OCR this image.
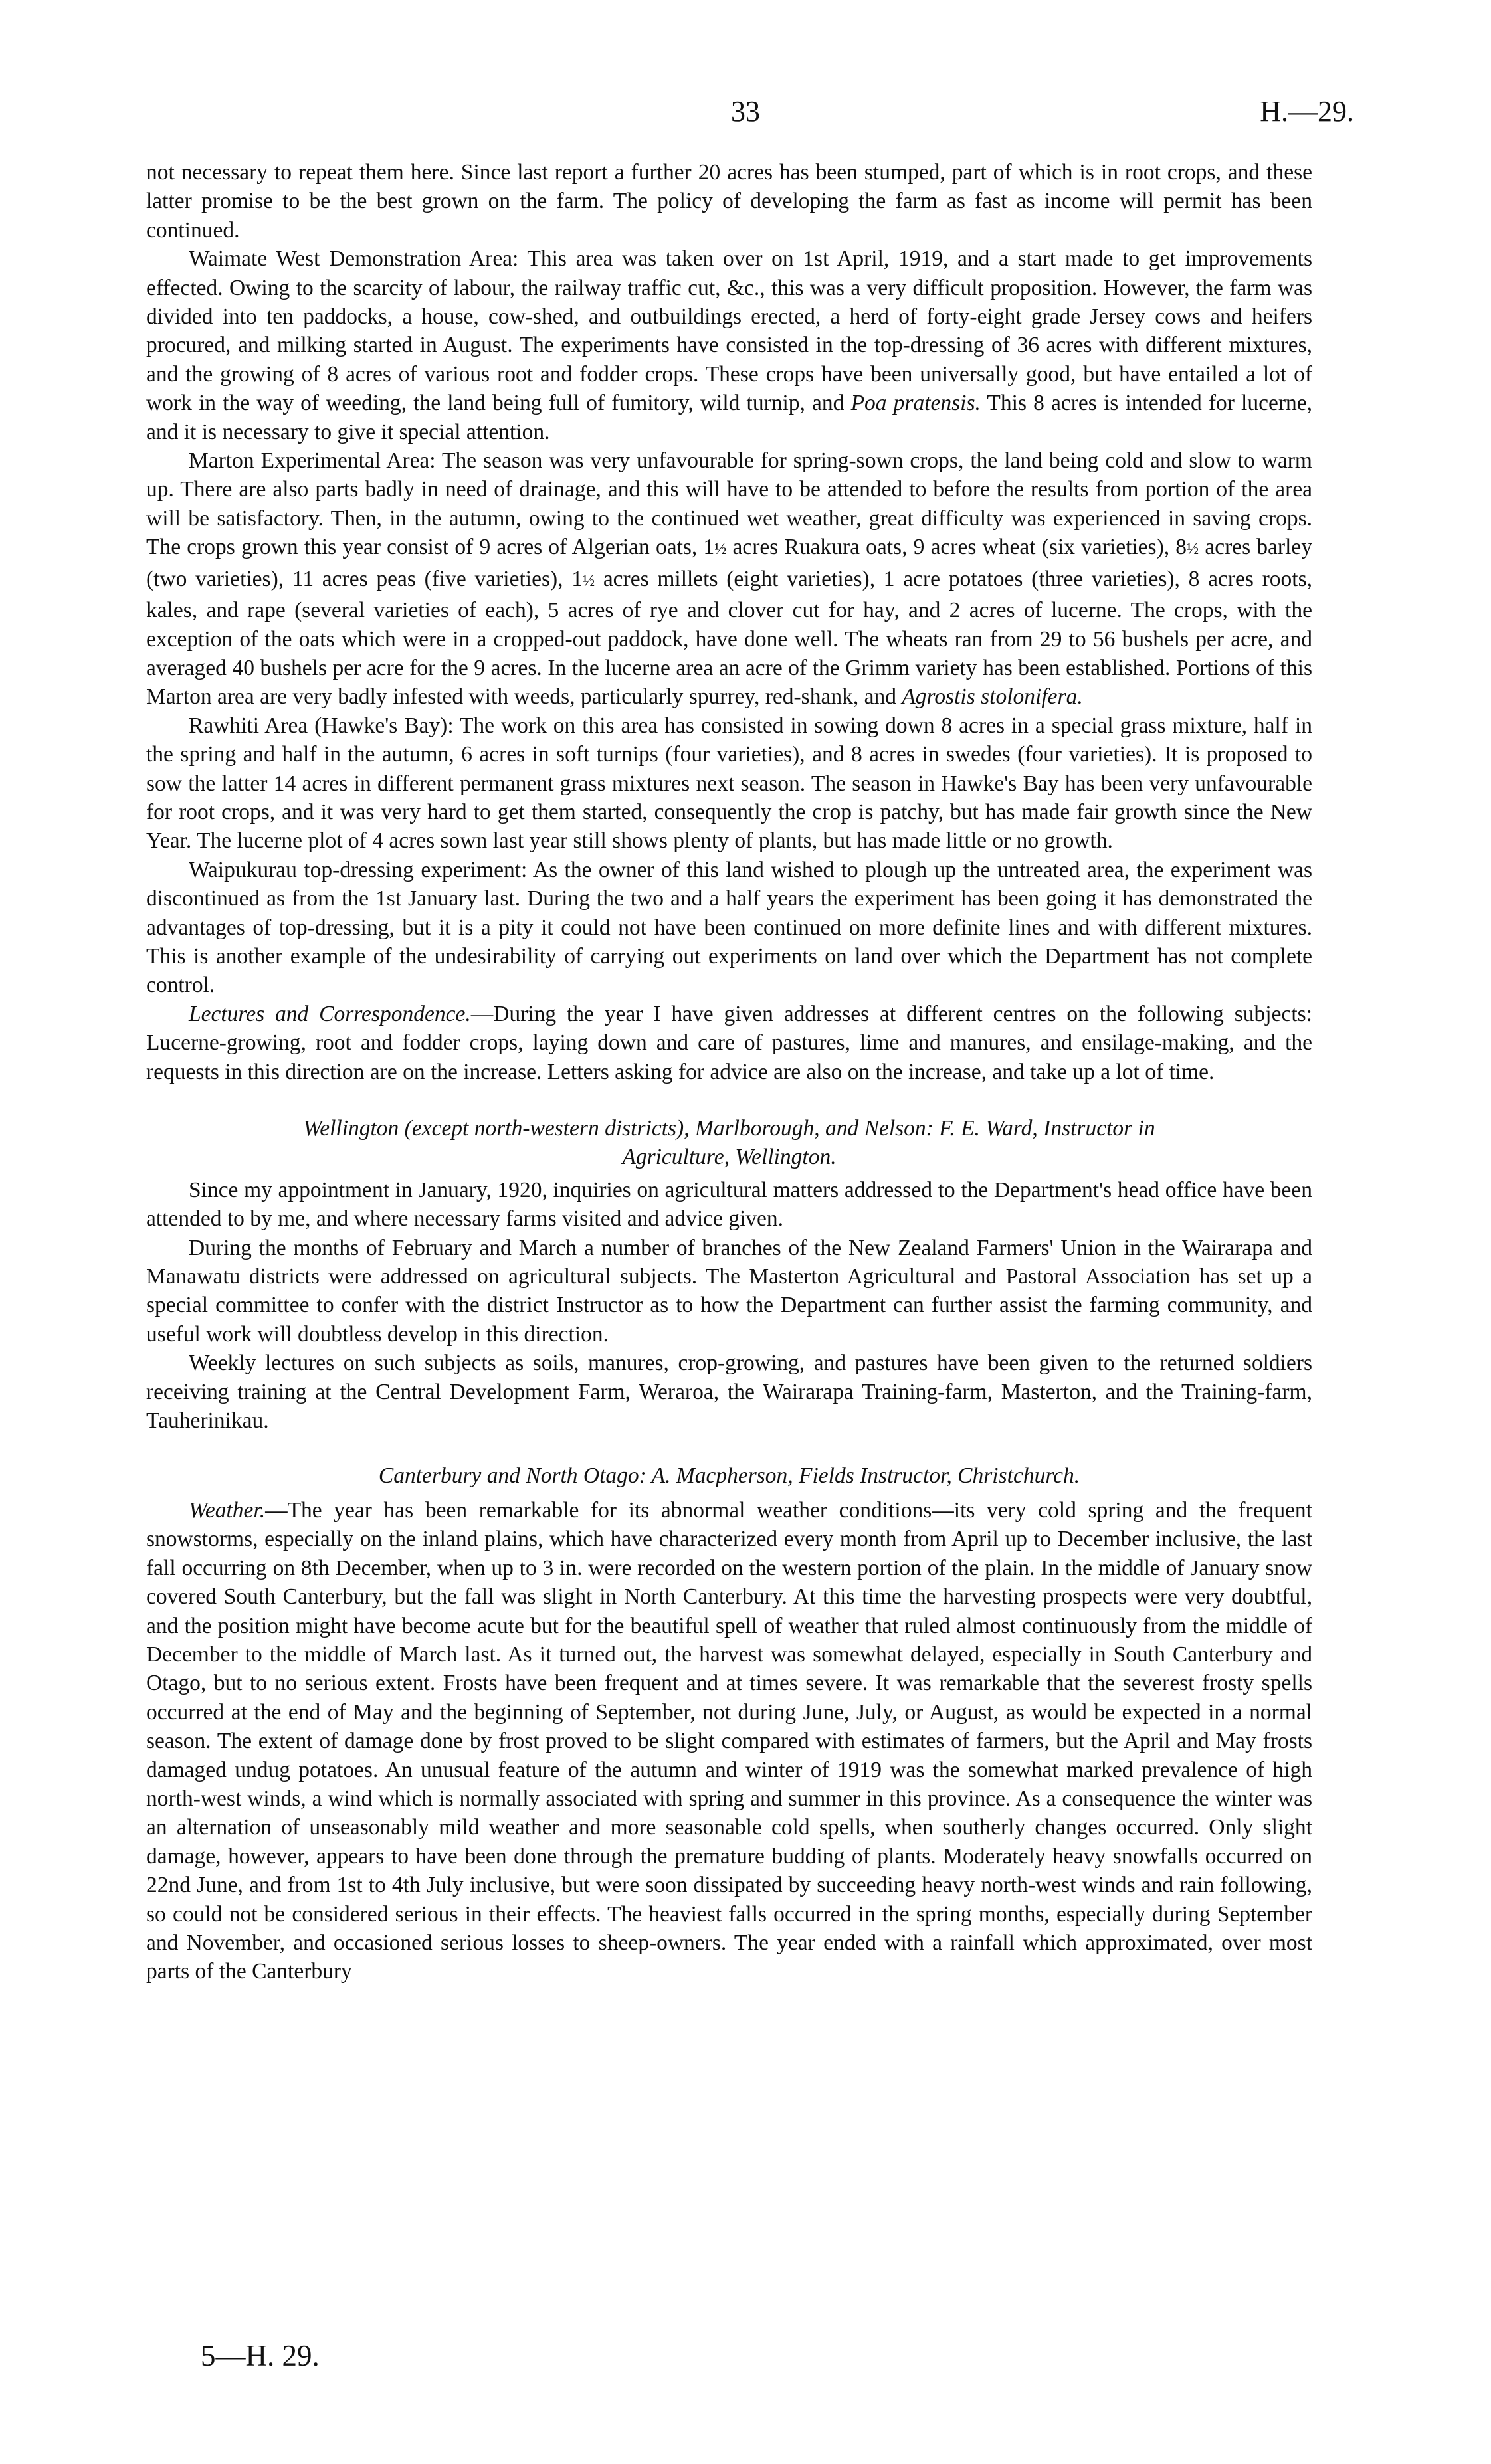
33	H.—29.

not necessary to repeat them here. Since last report a further 20 acres has been stumped, part of which is in root crops, and these latter promise to be the best grown on the farm. The policy of developing the farm as fast as income will permit has been continued.

Waimate West Demonstration Area: This area was taken over on 1st April, 1919, and a start made to get improvements effected. Owing to the scarcity of labour, the railway traffic cut, &c., this was a very difficult proposition. However, the farm was divided into ten paddocks, a house, cow-shed, and outbuildings erected, a herd of forty-eight grade Jersey cows and heifers procured, and milking started in August. The experiments have consisted in the top-dressing of 36 acres with different mixtures, and the growing of 8 acres of various root and fodder crops. These crops have been universally good, but have entailed a lot of work in the way of weeding, the land being full of fumitory, wild turnip, and Poa pratensis. This 8 acres is intended for lucerne, and it is necessary to give it special attention.

Marton Experimental Area: The season was very unfavourable for spring-sown crops, the land being cold and slow to warm up. There are also parts badly in need of drainage, and this will have to be attended to before the results from portion of the area will be satisfactory. Then, in the autumn, owing to the continued wet weather, great difficulty was experienced in saving crops. The crops grown this year consist of 9 acres of Algerian oats, 1½ acres Ruakura oats, 9 acres wheat (six varieties), 8½ acres barley (two varieties), 11 acres peas (five varieties), 1½ acres millets (eight varieties), 1 acre potatoes (three varieties), 8 acres roots, kales, and rape (several varieties of each), 5 acres of rye and clover cut for hay, and 2 acres of lucerne. The crops, with the exception of the oats which were in a cropped-out paddock, have done well. The wheats ran from 29 to 56 bushels per acre, and averaged 40 bushels per acre for the 9 acres. In the lucerne area an acre of the Grimm variety has been established. Portions of this Marton area are very badly infested with weeds, particularly spurrey, red-shank, and Agrostis stolonifera.

Rawhiti Area (Hawke's Bay): The work on this area has consisted in sowing down 8 acres in a special grass mixture, half in the spring and half in the autumn, 6 acres in soft turnips (four varieties), and 8 acres in swedes (four varieties). It is proposed to sow the latter 14 acres in different permanent grass mixtures next season. The season in Hawke's Bay has been very unfavourable for root crops, and it was very hard to get them started, consequently the crop is patchy, but has made fair growth since the New Year. The lucerne plot of 4 acres sown last year still shows plenty of plants, but has made little or no growth.

Waipukurau top-dressing experiment: As the owner of this land wished to plough up the untreated area, the experiment was discontinued as from the 1st January last. During the two and a half years the experiment has been going it has demonstrated the advantages of top-dressing, but it is a pity it could not have been continued on more definite lines and with different mixtures. This is another example of the undesirability of carrying out experiments on land over which the Department has not complete control.

Lectures and Correspondence.—During the year I have given addresses at different centres on the following subjects: Lucerne-growing, root and fodder crops, laying down and care of pastures, lime and manures, and ensilage-making, and the requests in this direction are on the increase. Letters asking for advice are also on the increase, and take up a lot of time.

Wellington (except north-western districts), Marlborough, and Nelson: F. E. Ward, Instructor in
Agriculture, Wellington.

Since my appointment in January, 1920, inquiries on agricultural matters addressed to the Department's head office have been attended to by me, and where necessary farms visited and advice given.

During the months of February and March a number of branches of the New Zealand Farmers' Union in the Wairarapa and Manawatu districts were addressed on agricultural subjects. The Masterton Agricultural and Pastoral Association has set up a special committee to confer with the district Instructor as to how the Department can further assist the farming community, and useful work will doubtless develop in this direction.

Weekly lectures on such subjects as soils, manures, crop-growing, and pastures have been given to the returned soldiers receiving training at the Central Development Farm, Weraroa, the Wairarapa Training-farm, Masterton, and the Training-farm, Tauherinikau.

Canterbury and North Otago: A. Macpherson, Fields Instructor, Christchurch.

Weather.—The year has been remarkable for its abnormal weather conditions—its very cold spring and the frequent snowstorms, especially on the inland plains, which have characterized every month from April up to December inclusive, the last fall occurring on 8th December, when up to 3 in. were recorded on the western portion of the plain. In the middle of January snow covered South Canterbury, but the fall was slight in North Canterbury. At this time the harvesting prospects were very doubtful, and the position might have become acute but for the beautiful spell of weather that ruled almost continuously from the middle of December to the middle of March last. As it turned out, the harvest was somewhat delayed, especially in South Canterbury and Otago, but to no serious extent. Frosts have been frequent and at times severe. It was remarkable that the severest frosty spells occurred at the end of May and the beginning of September, not during June, July, or August, as would be expected in a normal season. The extent of damage done by frost proved to be slight compared with estimates of farmers, but the April and May frosts damaged undug potatoes. An unusual feature of the autumn and winter of 1919 was the somewhat marked prevalence of high north-west winds, a wind which is normally associated with spring and summer in this province. As a consequence the winter was an alternation of unseasonably mild weather and more seasonable cold spells, when southerly changes occurred. Only slight damage, however, appears to have been done through the premature budding of plants. Moderately heavy snowfalls occurred on 22nd June, and from 1st to 4th July inclusive, but were soon dissipated by succeeding heavy north-west winds and rain following, so could not be considered serious in their effects. The heaviest falls occurred in the spring months, especially during September and November, and occasioned serious losses to sheep-owners. The year ended with a rainfall which approximated, over most parts of the Canterbury

5—H. 29.
